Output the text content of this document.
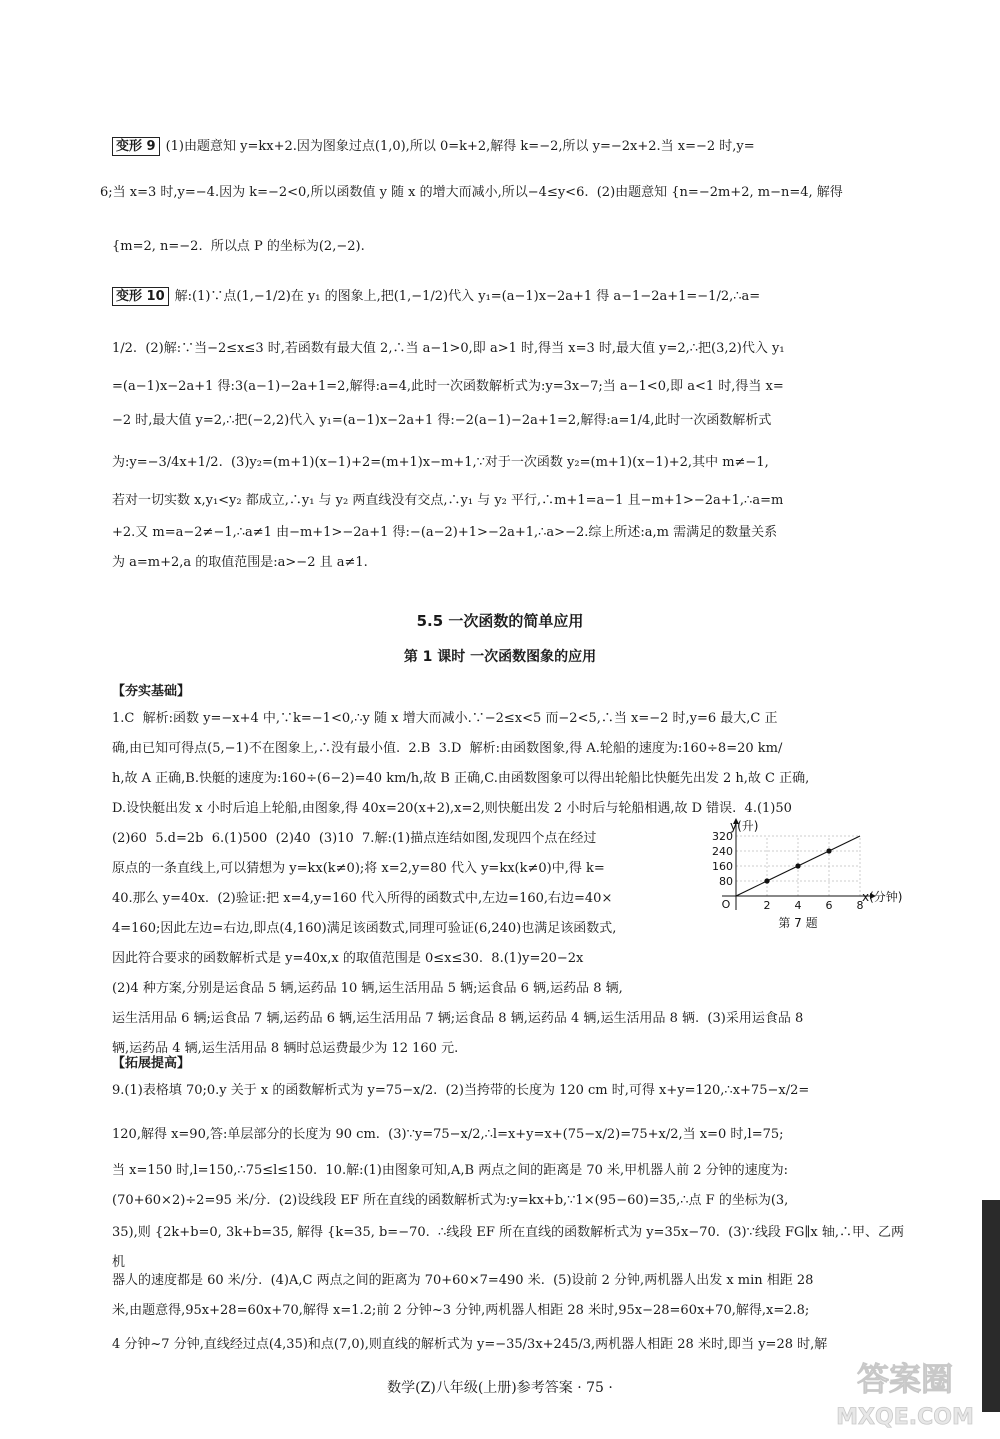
变形 9 (1)由题意知 y=kx+2.因为图象过点(1,0),所以 0=k+2,解得 k=−2,所以 y=−2x+2.当 x=−2 时,y=

6;当 x=3 时,y=−4.因为 k=−2<0,所以函数值 y 随 x 的增大而减小,所以−4≤y<6.  (2)由题意知 {n=−2m+2, m−n=4, 解得

{m=2, n=−2.  所以点 P 的坐标为(2,−2).

变形 10 解:(1)∵点(1,−1/2)在 y₁ 的图象上,把(1,−1/2)代入 y₁=(a−1)x−2a+1 得 a−1−2a+1=−1/2,∴a=

1/2.  (2)解:∵当−2≤x≤3 时,若函数有最大值 2,∴当 a−1>0,即 a>1 时,得当 x=3 时,最大值 y=2,∴把(3,2)代入 y₁

=(a−1)x−2a+1 得:3(a−1)−2a+1=2,解得:a=4,此时一次函数解析式为:y=3x−7;当 a−1<0,即 a<1 时,得当 x=

−2 时,最大值 y=2,∴把(−2,2)代入 y₁=(a−1)x−2a+1 得:−2(a−1)−2a+1=2,解得:a=1/4,此时一次函数解析式

为:y=−3/4x+1/2.  (3)y₂=(m+1)(x−1)+2=(m+1)x−m+1,∵对于一次函数 y₂=(m+1)(x−1)+2,其中 m≠−1,

若对一切实数 x,y₁<y₂ 都成立,∴y₁ 与 y₂ 两直线没有交点,∴y₁ 与 y₂ 平行,∴m+1=a−1 且−m+1>−2a+1,∴a=m

+2.又 m=a−2≠−1,∴a≠1 由−m+1>−2a+1 得:−(a−2)+1>−2a+1,∴a>−2.综上所述:a,m 需满足的数量关系

为 a=m+2,a 的取值范围是:a>−2 且 a≠1.

5.5 一次函数的简单应用
第 1 课时 一次函数图象的应用
【夯实基础】

1.C  解析:函数 y=−x+4 中,∵k=−1<0,∴y 随 x 增大而减小.∵−2≤x<5 而−2<5,∴当 x=−2 时,y=6 最大,C 正

确,由已知可得点(5,−1)不在图象上,∴没有最小值.  2.B  3.D  解析:由函数图象,得 A.轮船的速度为:160÷8=20 km/

h,故 A 正确,B.快艇的速度为:160÷(6−2)=40 km/h,故 B 正确,C.由函数图象可以得出轮船比快艇先出发 2 h,故 C 正确,

D.设快艇出发 x 小时后追上轮船,由图象,得 40x=20(x+2),x=2,则快艇出发 2 小时后与轮船相遇,故 D 错误.  4.(1)50

(2)60  5.d=2b  6.(1)500  (2)40  (3)10  7.解:(1)描点连结如图,发现四个点在经过

原点的一条直线上,可以猜想为 y=kx(k≠0);将 x=2,y=80 代入 y=kx(k≠0)中,得 k=

40.那么 y=40x.  (2)验证:把 x=4,y=160 代入所得的函数式中,左边=160,右边=40×

4=160;因此左边=右边,即点(4,160)满足该函数式,同理可验证(6,240)也满足该函数式,

因此符合要求的函数解析式是 y=40x,x 的取值范围是 0≤x≤30.  8.(1)y=20−2x

(2)4 种方案,分别是运食品 5 辆,运药品 10 辆,运生活用品 5 辆;运食品 6 辆,运药品 8 辆,

运生活用品 6 辆;运食品 7 辆,运药品 6 辆,运生活用品 7 辆;运食品 8 辆,运药品 4 辆,运生活用品 8 辆.  (3)采用运食品 8

辆,运药品 4 辆,运生活用品 8 辆时总运费最少为 12 160 元.

80
160
240
320
2 4 6 8
y(升)
x(分钟)
O
第 7 题
【拓展提高】

9.(1)表格填 70;0.y 关于 x 的函数解析式为 y=75−x/2.  (2)当挎带的长度为 120 cm 时,可得 x+y=120,∴x+75−x/2=

120,解得 x=90,答:单层部分的长度为 90 cm.  (3)∵y=75−x/2,∴l=x+y=x+(75−x/2)=75+x/2,当 x=0 时,l=75;

当 x=150 时,l=150,∴75≤l≤150.  10.解:(1)由图象可知,A,B 两点之间的距离是 70 米,甲机器人前 2 分钟的速度为:

(70+60×2)÷2=95 米/分.  (2)设线段 EF 所在直线的函数解析式为:y=kx+b,∵1×(95−60)=35,∴点 F 的坐标为(3,

35),则 {2k+b=0, 3k+b=35, 解得 {k=35, b=−70.  ∴线段 EF 所在直线的函数解析式为 y=35x−70.  (3)∵线段 FG∥x 轴,∴甲、乙两机

器人的速度都是 60 米/分.  (4)A,C 两点之间的距离为 70+60×7=490 米.  (5)设前 2 分钟,两机器人出发 x min 相距 28

米,由题意得,95x+28=60x+70,解得 x=1.2;前 2 分钟~3 分钟,两机器人相距 28 米时,95x−28=60x+70,解得,x=2.8;

4 分钟~7 分钟,直线经过点(4,35)和点(7,0),则直线的解析式为 y=−35/3x+245/3,两机器人相距 28 米时,即当 y=28 时,解

数学(Z)八年级(上册)参考答案 · 75 ·	答案圈
MXQE.COM
